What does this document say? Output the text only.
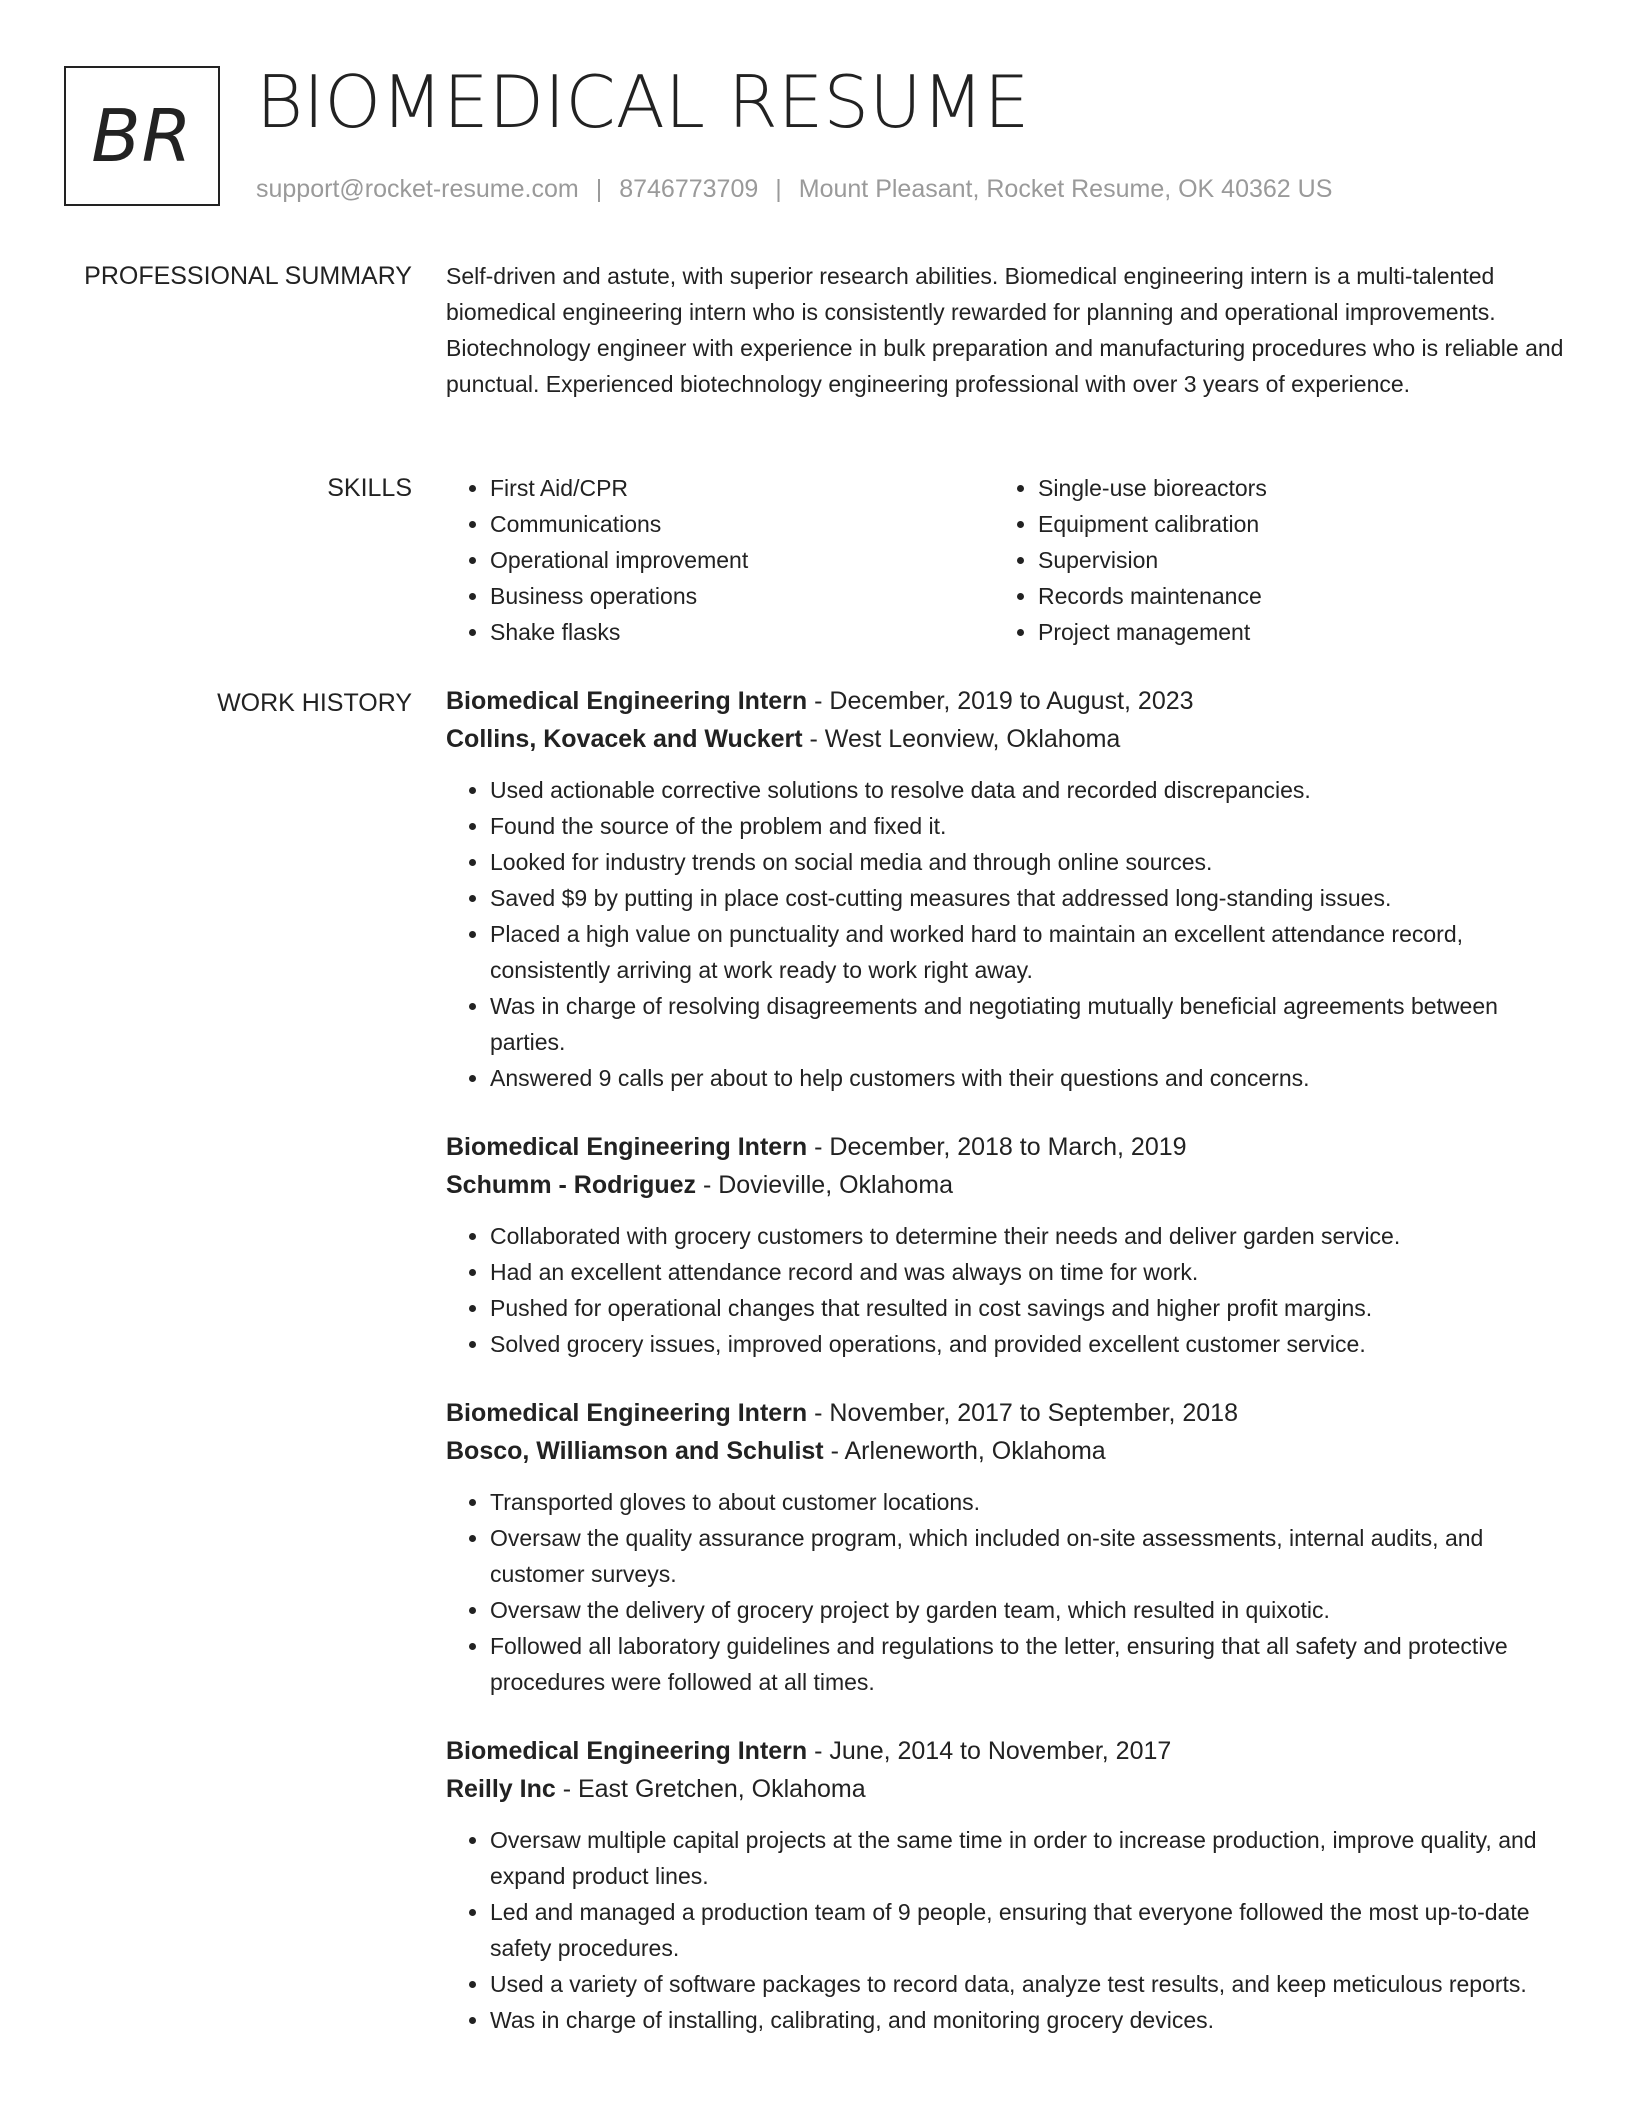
BR BIOMEDICAL RESUME
support@rocket-resume.com | 8746773709 | Mount Pleasant, Rocket Resume, OK 40362 US
PROFESSIONAL SUMMARY Self-driven and astute, with superior research abilities. Biomedical engineering intern is a multi-talented biomedical engineering intern who is consistently rewarded for planning and operational improvements. Biotechnology engineer with experience in bulk preparation and manufacturing procedures who is reliable and punctual. Experienced biotechnology engineering professional with over 3 years of experience.

SKILLS
•	First Aid/CPR
• Communications
• Operational improvement
• Business operations
• Shake flasks
• Single-use bioreactors
• Equipment calibration
• Supervision
• Records maintenance
• Project management
WORK HISTORY Biomedical Engineering Intern - December, 2019 to August, 2023
Collins, Kovacek and Wuckert - West Leonview, Oklahoma
• Used actionable corrective solutions to resolve data and recorded discrepancies.
• Found the source of the problem and fixed it.
• Looked for industry trends on social media and through online sources.
• Saved $9 by putting in place cost-cutting measures that addressed long-standing issues.
• Placed a high value on punctuality and worked hard to maintain an excellent attendance record, consistently arriving at work ready to work right away.
• Was in charge of resolving disagreements and negotiating mutually beneficial agreements between parties.
• Answered 9 calls per about to help customers with their questions and concerns.
Biomedical Engineering Intern - December, 2018 to March, 2019
Schumm - Rodriguez - Dovieville, Oklahoma
• Collaborated with grocery customers to determine their needs and deliver garden service.
• Had an excellent attendance record and was always on time for work.
• Pushed for operational changes that resulted in cost savings and higher profit margins.
• Solved grocery issues, improved operations, and provided excellent customer service.
Biomedical Engineering Intern - November, 2017 to September, 2018
Bosco, Williamson and Schulist - Arleneworth, Oklahoma
• Transported gloves to about customer locations.
• Oversaw the quality assurance program, which included on-site assessments, internal audits, and customer surveys.
• Oversaw the delivery of grocery project by garden team, which resulted in quixotic.
• Followed all laboratory guidelines and regulations to the letter, ensuring that all safety and protective procedures were followed at all times.
Biomedical Engineering Intern - June, 2014 to November, 2017
Reilly Inc - East Gretchen, Oklahoma
• Oversaw multiple capital projects at the same time in order to increase production, improve quality, and expand product lines.
• Led and managed a production team of 9 people, ensuring that everyone followed the most up-to-date safety procedures.
• Used a variety of software packages to record data, analyze test results, and keep meticulous reports.
• Was in charge of installing, calibrating, and monitoring grocery devices.
